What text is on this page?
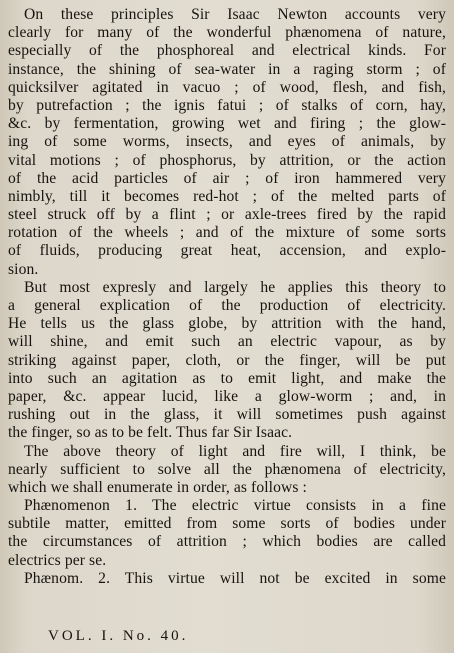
On these principles Sir Isaac Newton accounts very
clearly for many of the wonderful phænomena of nature,
especially of the phosphoreal and electrical kinds. For
instance, the shining of sea-water in a raging storm ; of
quicksilver agitated in vacuo ; of wood, flesh, and fish,
by putrefaction ; the ignis fatui ; of stalks of corn, hay,
&c. by fermentation, growing wet and firing ; the glow-
ing of some worms, insects, and eyes of animals, by
vital motions ; of phosphorus, by attrition, or the action
of the acid particles of air ; of iron hammered very
nimbly, till it becomes red-hot ; of the melted parts of
steel struck off by a flint ; or axle-trees fired by the rapid
rotation of the wheels ; and of the mixture of some sorts
of fluids, producing great heat, accension, and explo-
sion.
But most expresly and largely he applies this theory to
a general explication of the production of electricity.
He tells us the glass globe, by attrition with the hand,
will shine, and emit such an electric vapour, as by
striking against paper, cloth, or the finger, will be put
into such an agitation as to emit light, and make the
paper, &c. appear lucid, like a glow-worm ; and, in
rushing out in the glass, it will sometimes push against
the finger, so as to be felt. Thus far Sir Isaac.
The above theory of light and fire will, I think, be
nearly sufficient to solve all the phænomena of electricity,
which we shall enumerate in order, as follows :
Phænomenon 1. The electric virtue consists in a fine
subtile matter, emitted from some sorts of bodies under
the circumstances of attrition ; which bodies are called
electrics per se.
Phænom. 2. This virtue will not be excited in some
VOL. I. No. 40.
